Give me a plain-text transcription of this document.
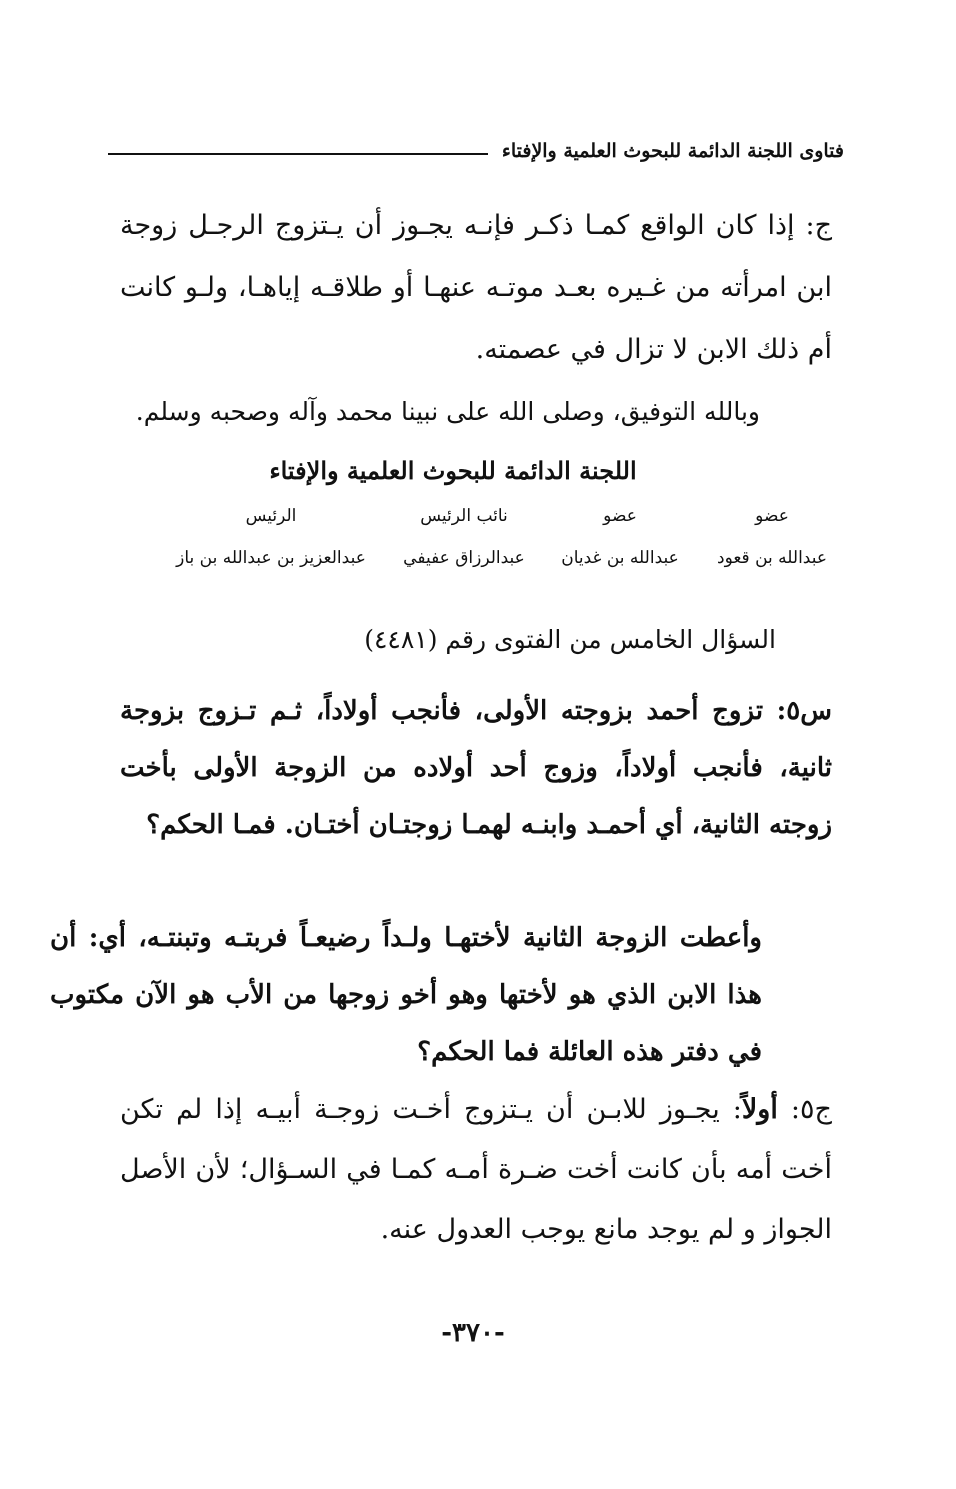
فتاوى اللجنة الدائمة للبحوث العلمية والإفتاء
ج: إذا كان الواقع كمـا ذكـر فإنـه يجـوز أن يـتزوج الرجـل زوجة ابن امرأته من غـيره بعـد موتـه عنهـا أو طلاقـه إياهـا، ولـو كانت أم ذلك الابن لا تزال في عصمته.
وبالله التوفيق، وصلى الله على نبينا محمد وآله وصحبه وسلم.
اللجنة الدائمة للبحوث العلمية والإفتاء
عضو
عضو
نائب الرئيس
الرئيس
عبدالله بن قعود
عبدالله بن غديان
عبدالرزاق عفيفي
عبدالعزيز بن عبدالله بن باز
السؤال الخامس من الفتوى رقم (٤٤٨١)
س٥: تزوج أحمد بزوجته الأولى، فأنجب أولاداً، ثـم تـزوج بزوجة ثانية، فأنجب أولاداً، وزوج أحد أولاده من الزوجة الأولى بأخت زوجته الثانية، أي أحمـد وابنـه لهمـا زوجتـان أختـان. فمـا الحكم؟
وأعطت الزوجة الثانية لأختهـا ولـداً رضيعـاً فربتـه وتبنتـه، أي: أن هذا الابن الذي هو لأختها وهو أخو زوجها من الأب هو الآن مكتوب في دفتر هذه العائلة فما الحكم؟
ج٥: أولاً: يجـوز للابـن أن يـتزوج أخـت زوجـة أبيـه إذا لم تكن أخت أمه بأن كانت أخت ضـرة أمـه كمـا في السـؤال؛ لأن الأصل الجواز و لم يوجد مانع يوجب العدول عنه.
-٣٧٠-
